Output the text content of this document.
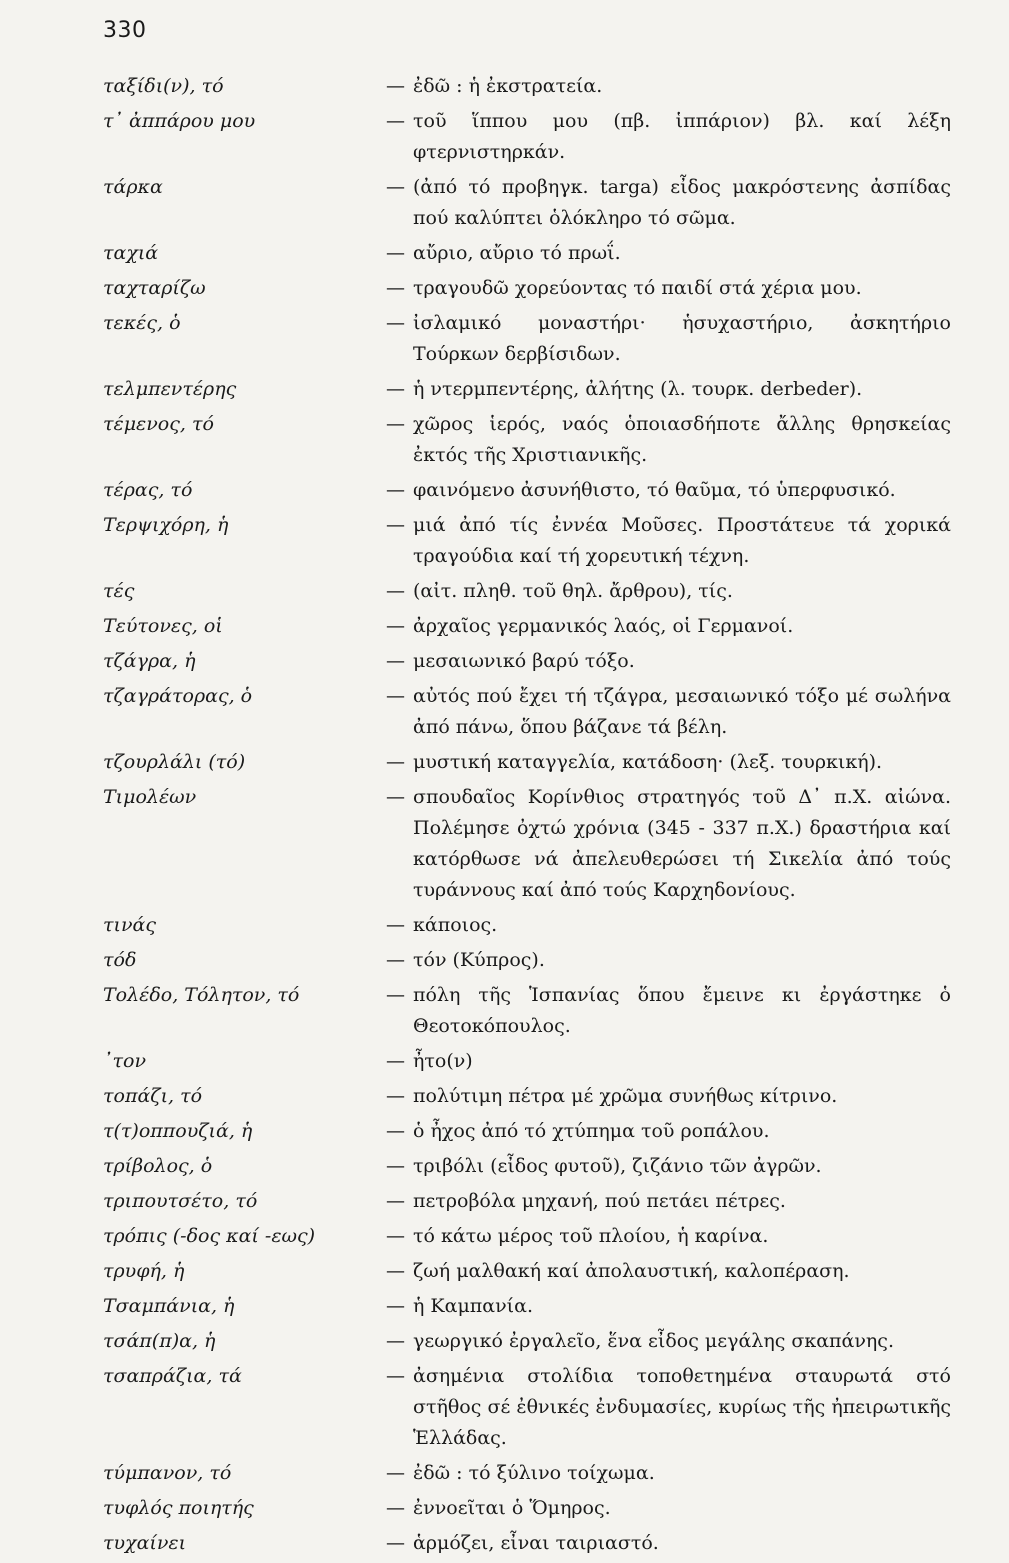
330
ταξίδι(ν), τό	— ἐδῶ : ἡ ἐκστρατεία.
τ᾽ ἀππάρου μου	— τοῦ ἵππου μου (πβ. ἱππάριον) βλ. καί λέξη φτερνιστηρκάν.
τάρκα	— (ἀπό τό προβηγκ. targa) εἶδος μακρόστενης ἀσπίδας πού καλύπτει ὁλόκληρο τό σῶμα.
ταχιά	— αὔριο, αὔριο τό πρωΐ.
ταχταρίζω	— τραγουδῶ χορεύοντας τό παιδί στά χέρια μου.
τεκές, ὁ	— ἰσλαμικό μοναστήρι· ἡσυχαστήριο, ἀσκητήριο Τούρκων δερβίσιδων.
τελμπεντέρης	— ἡ ντερμπεντέρης, ἀλήτης (λ. τουρκ. derbeder).
τέμενος, τό	— χῶρος ἱερός, ναός ὁποιασδήποτε ἄλλης θρησκείας ἐκτός τῆς Χριστιανικῆς.
τέρας, τό	— φαινόμενο ἀσυνήθιστο, τό θαῦμα, τό ὑπερφυσικό.
Τερψιχόρη, ἡ	— μιά ἀπό τίς ἐννέα Μοῦσες. Προστάτευε τά χορικά τραγούδια καί τή χορευτική τέχνη.
τές	— (αἰτ. πληθ. τοῦ θηλ. ἄρθρου), τίς.
Τεύτονες, οἱ	— ἀρχαῖος γερμανικός λαός, οἱ Γερμανοί.
τζάγρα, ἡ	— μεσαιωνικό βαρύ τόξο.
τζαγράτορας, ὁ	— αὐτός πού ἔχει τή τζάγρα, μεσαιωνικό τόξο μέ σωλήνα ἀπό πάνω, ὅπου βάζανε τά βέλη.
τζουρλάλι (τό)	— μυστική καταγγελία, κατάδοση· (λεξ. τουρκική).
Τιμολέων	— σπουδαῖος Κορίνθιος στρατηγός τοῦ Δ᾽ π.Χ. αἰώνα. Πολέμησε ὀχτώ χρόνια (345 - 337 π.Χ.) δραστήρια καί κατόρθωσε νά ἀπελευθερώσει τή Σικελία ἀπό τούς τυράννους καί ἀπό τούς Καρχηδονίους.
τινάς	— κάποιος.
τόδ	— τόν (Κύπρος).
Τολέδο, Τόλητον, τό	— πόλη τῆς Ἱσπανίας ὅπου ἔμεινε κι ἐργάστηκε ὁ Θεοτοκόπουλος.
᾽τον	— ἦτο(ν)
τοπάζι, τό	— πολύτιμη πέτρα μέ χρῶμα συνήθως κίτρινο.
τ(τ)οππουζιά, ἡ	— ὁ ἦχος ἀπό τό χτύπημα τοῦ ροπάλου.
τρίβολος, ὁ	— τριβόλι (εἶδος φυτοῦ), ζιζάνιο τῶν ἀγρῶν.
τριπουτσέτο, τό	— πετροβόλα μηχανή, πού πετάει πέτρες.
τρόπις (-δος καί -εως)	— τό κάτω μέρος τοῦ πλοίου, ἡ καρίνα.
τρυφή, ἡ	— ζωή μαλθακή καί ἀπολαυστική, καλοπέραση.
Τσαμπάνια, ἡ	— ἡ Καμπανία.
τσάπ(π)α, ἡ	— γεωργικό ἐργαλεῖο, ἕνα εἶδος μεγάλης σκαπάνης.
τσαπράζια, τά	— ἀσημένια στολίδια τοποθετημένα σταυρωτά στό στῆθος σέ ἐθνικές ἐνδυμασίες, κυρίως τῆς ἠπειρωτικῆς Ἑλλάδας.
τύμπανον, τό	— ἐδῶ : τό ξύλινο τοίχωμα.
τυφλός ποιητής	— ἐννοεῖται ὁ Ὅμηρος.
τυχαίνει	— ἁρμόζει, εἶναι ταιριαστό.
